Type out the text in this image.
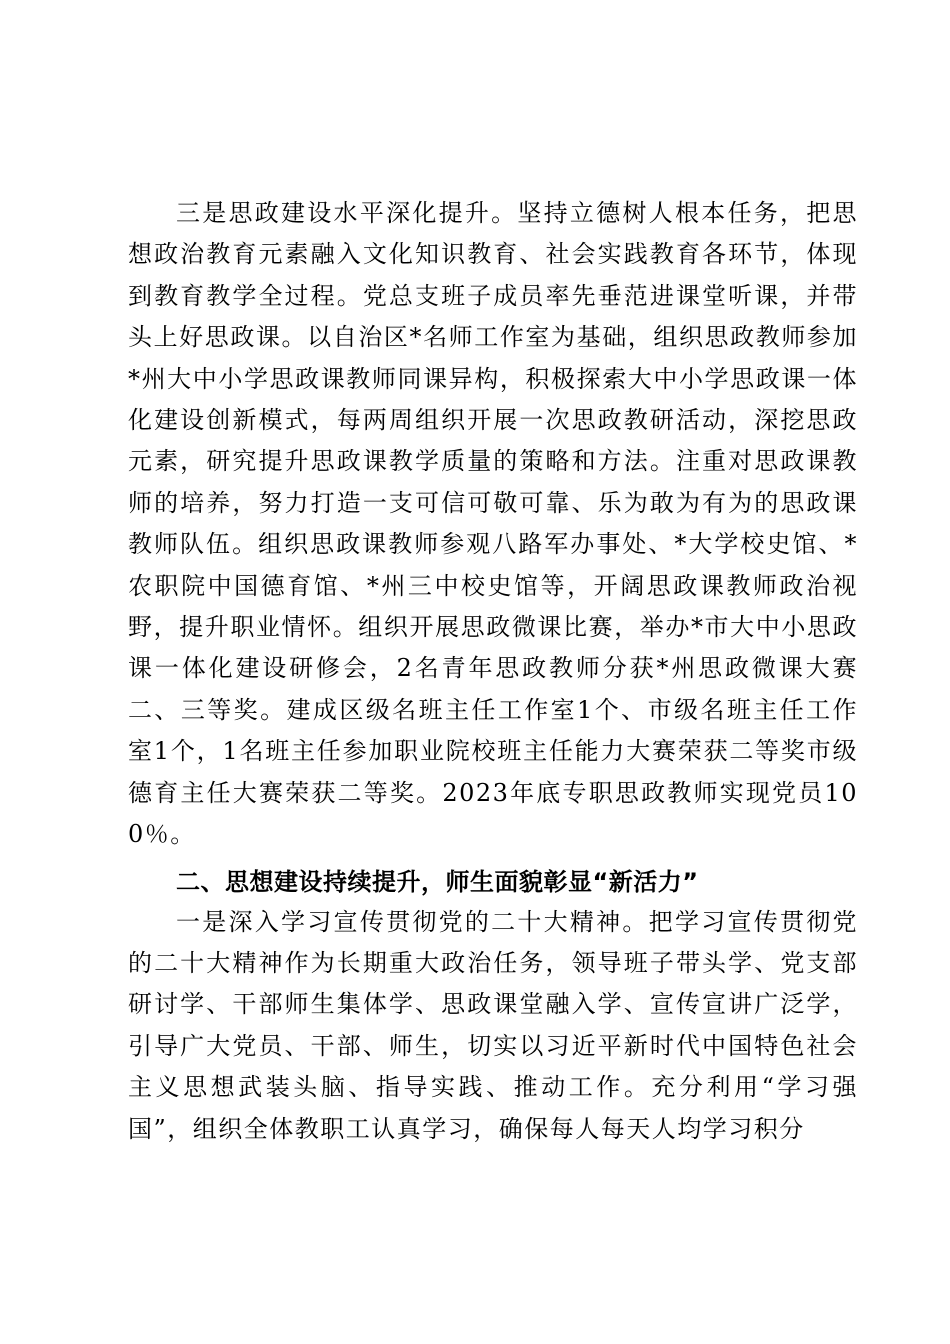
三是思政建设水平深化提升。坚持立德树人根本任务，把思想政治教育元素融入文化知识教育、社会实践教育各环节，体现到教育教学全过程。党总支班子成员率先垂范进课堂听课，并带头上好思政课。以自治区*名师工作室为基础，组织思政教师参加*州大中小学思政课教师同课异构，积极探索大中小学思政课一体化建设创新模式，每两周组织开展一次思政教研活动，深挖思政元素，研究提升思政课教学质量的策略和方法。注重对思政课教师的培养，努力打造一支可信可敬可靠、乐为敢为有为的思政课教师队伍。组织思政课教师参观八路军办事处、*大学校史馆、*农职院中国德育馆、*州三中校史馆等，开阔思政课教师政治视野，提升职业情怀。组织开展思政微课比赛，举办*市大中小思政课一体化建设研修会，2名青年思政教师分获*州思政微课大赛二、三等奖。建成区级名班主任工作室1个、市级名班主任工作室1个，1名班主任参加职业院校班主任能力大赛荣获二等奖市级德育主任大赛荣获二等奖。2023年底专职思政教师实现党员100％。

二、思想建设持续提升，师生面貌彰显“新活力”

一是深入学习宣传贯彻党的二十大精神。把学习宣传贯彻党的二十大精神作为长期重大政治任务，领导班子带头学、党支部研讨学、干部师生集体学、思政课堂融入学、宣传宣讲广泛学，引导广大党员、干部、师生，切实以习近平新时代中国特色社会主义思想武装头脑、指导实践、推动工作。充分利用“学习强国”，组织全体教职工认真学习，确保每人每天人均学习积分
